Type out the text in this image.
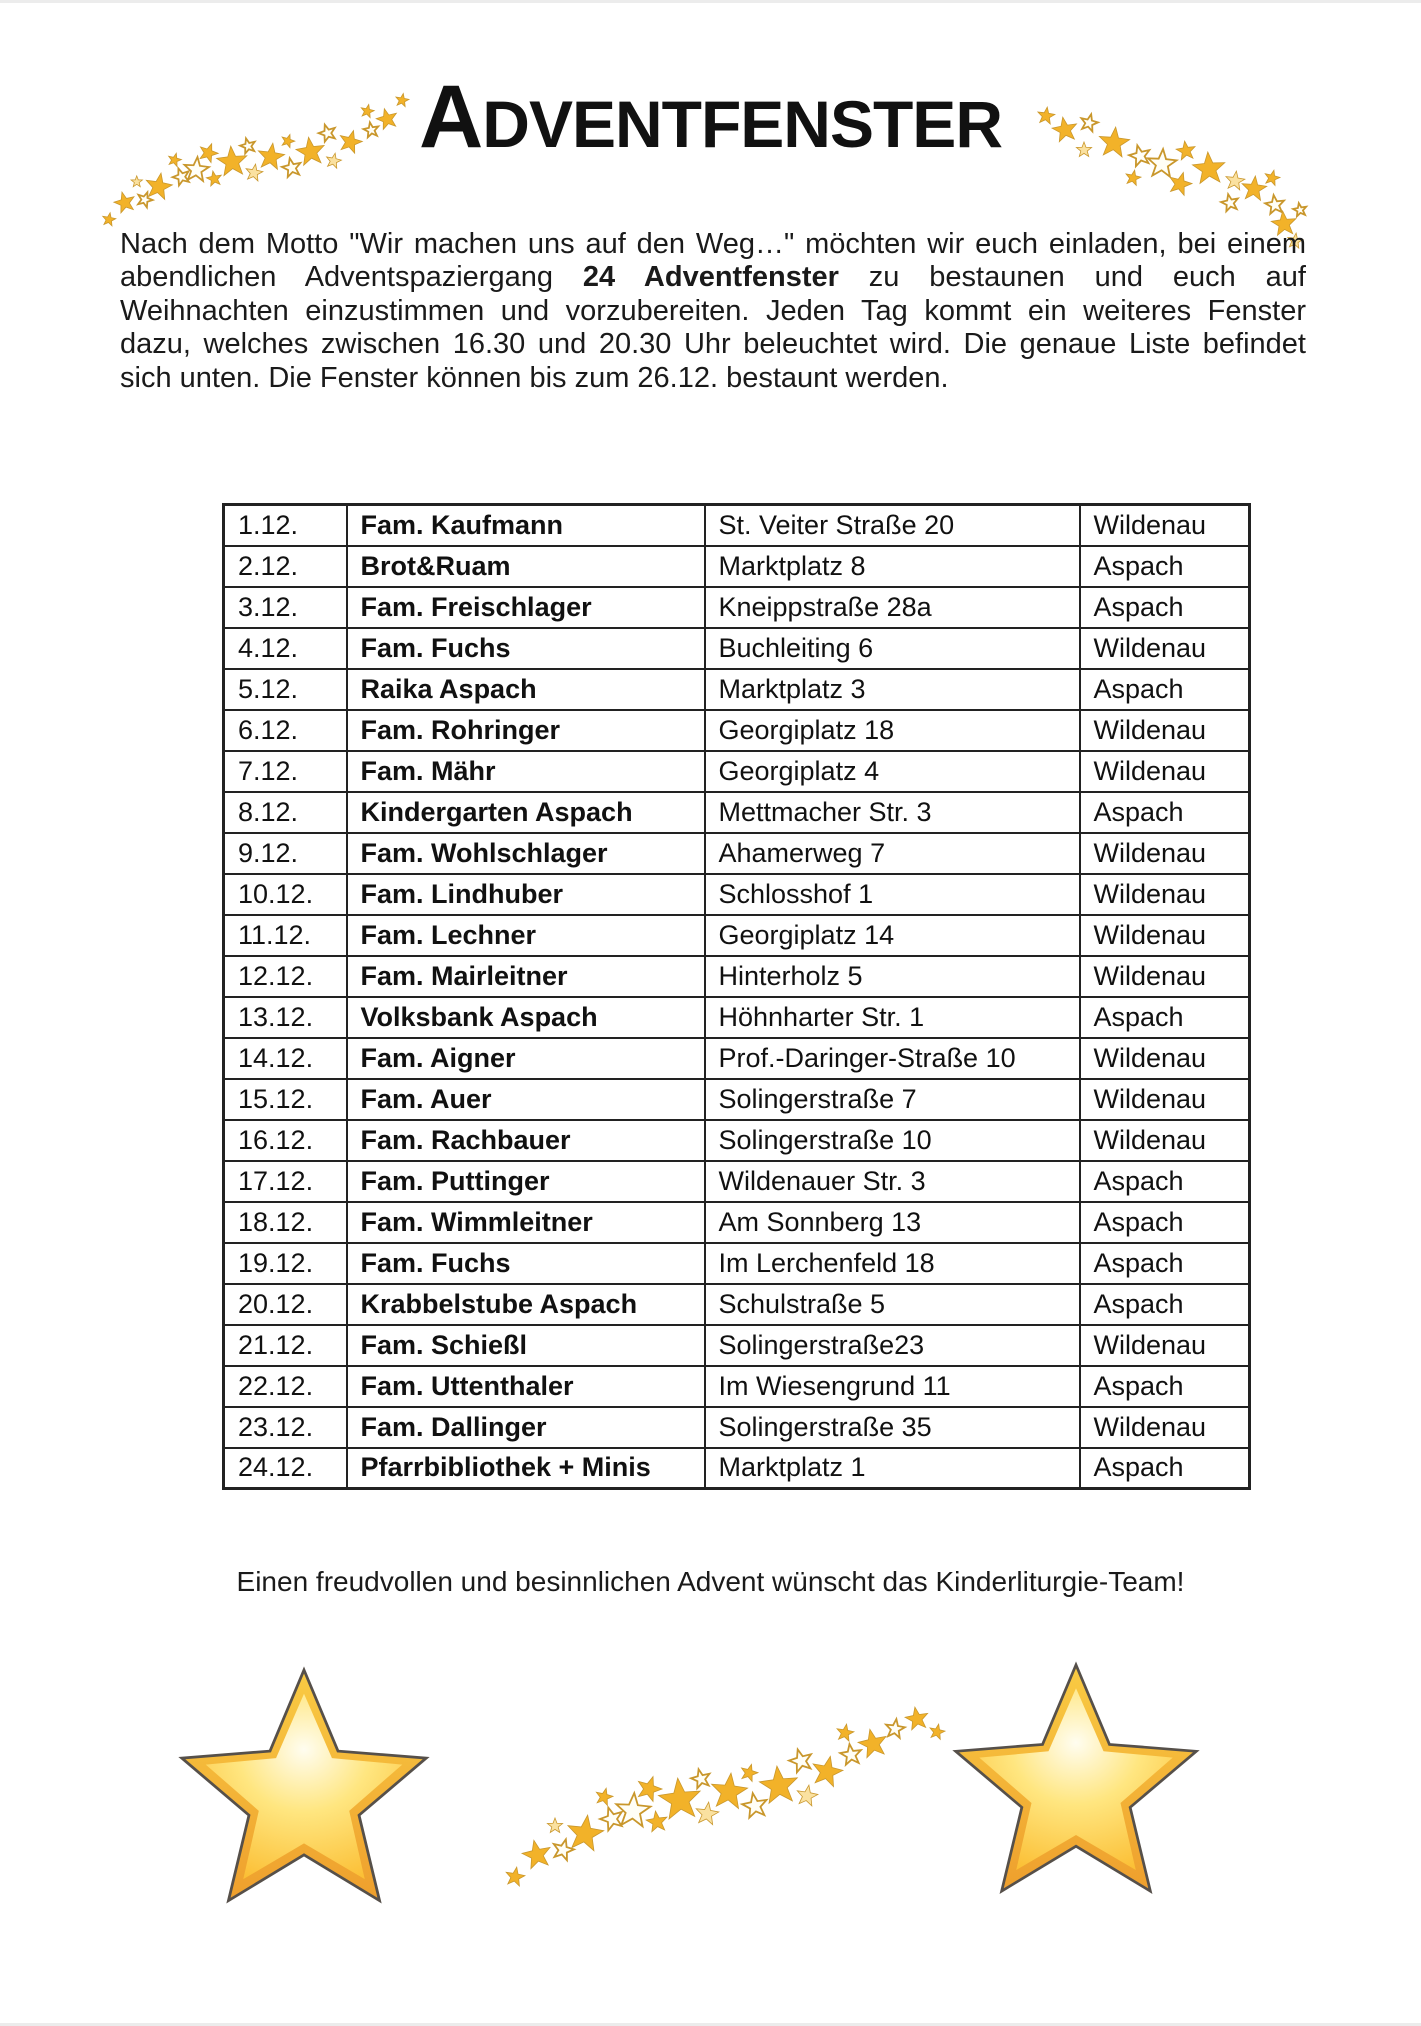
ADVENTFENSTER

Nach dem Motto "Wir machen uns auf den Weg…" möchten wir euch einladen, bei einem abendlichen Adventspaziergang 24 Adventfenster zu bestaunen und euch auf Weihnachten einzustimmen und vorzubereiten. Jeden Tag kommt ein weiteres Fenster dazu, welches zwischen 16.30 und 20.30 Uhr beleuchtet wird. Die genaue Liste befindet sich unten. Die Fenster können bis zum 26.12. bestaunt werden.

1.12.	Fam. Kaufmann	St. Veiter Straße 20	Wildenau
2.12.	Brot&Ruam	Marktplatz 8	Aspach
3.12.	Fam. Freischlager	Kneippstraße 28a	Aspach
4.12.	Fam. Fuchs	Buchleiting 6	Wildenau
5.12.	Raika Aspach	Marktplatz 3	Aspach
6.12.	Fam. Rohringer	Georgiplatz 18	Wildenau
7.12.	Fam. Mähr	Georgiplatz 4	Wildenau
8.12.	Kindergarten Aspach	Mettmacher Str. 3	Aspach
9.12.	Fam. Wohlschlager	Ahamerweg 7	Wildenau
10.12.	Fam. Lindhuber	Schlosshof 1	Wildenau
11.12.	Fam. Lechner	Georgiplatz 14	Wildenau
12.12.	Fam. Mairleitner	Hinterholz 5	Wildenau
13.12.	Volksbank Aspach	Höhnharter Str. 1	Aspach
14.12.	Fam. Aigner	Prof.-Daringer-Straße 10	Wildenau
15.12.	Fam. Auer	Solingerstraße 7	Wildenau
16.12.	Fam. Rachbauer	Solingerstraße 10	Wildenau
17.12.	Fam. Puttinger	Wildenauer Str. 3	Aspach
18.12.	Fam. Wimmleitner	Am Sonnberg 13	Aspach
19.12.	Fam. Fuchs	Im Lerchenfeld 18	Aspach
20.12.	Krabbelstube Aspach	Schulstraße 5	Aspach
21.12.	Fam. Schießl	Solingerstraße23	Wildenau
22.12.	Fam. Uttenthaler	Im Wiesengrund 11	Aspach
23.12.	Fam. Dallinger	Solingerstraße 35	Wildenau
24.12.	Pfarrbibliothek + Minis	Marktplatz 1	Aspach

Einen freudvollen und besinnlichen Advent wünscht das Kinderliturgie-Team!
